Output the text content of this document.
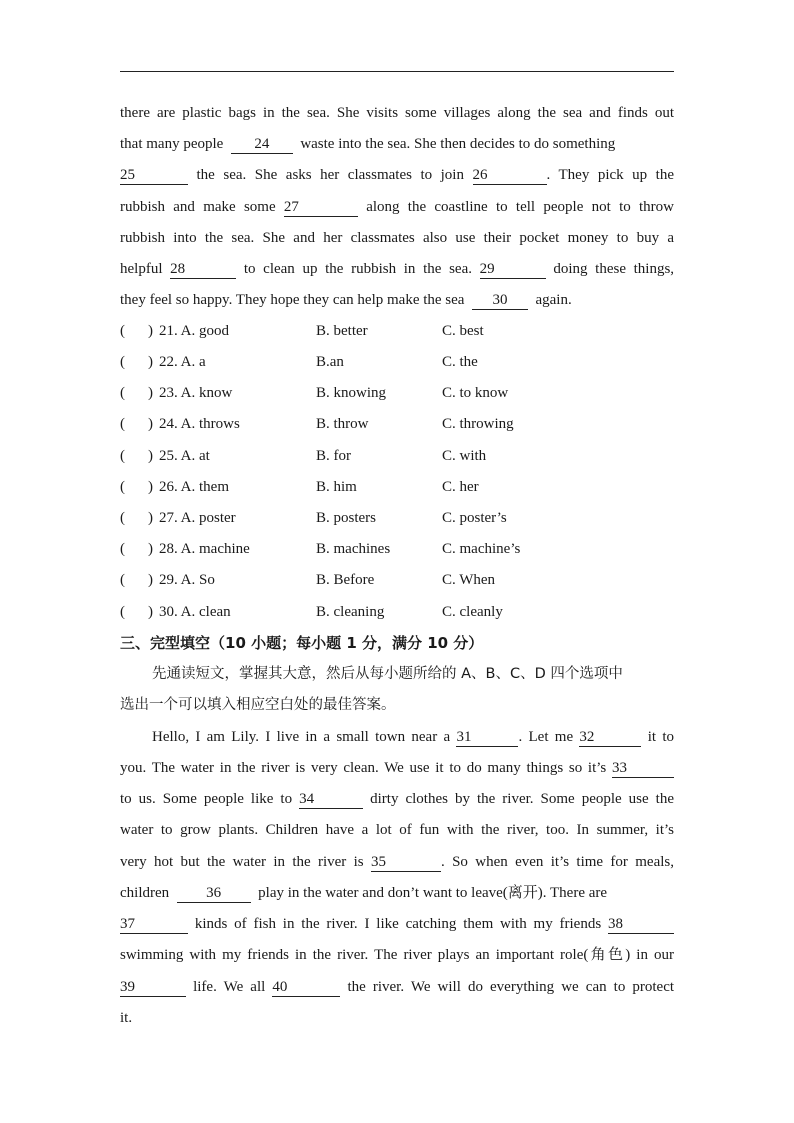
there are plastic bags in the sea. She visits some villages along the sea and finds out
that many people 24 waste into the sea. She then decides to do something
25	the sea. She asks her classmates to join 26	. They pick up the
rubbish and make some 27	along the coastline to tell people not to throw
rubbish into the sea. She and her classmates also use their pocket money to buy a
helpful 28	to clean up the rubbish in the sea. 29	doing these things,
they feel so happy. They hope they can help make the sea 30 again.
( ) 21. A. good	B. better	C. best
( ) 22. A. a	B.an	C. the
( ) 23. A. know	B. knowing	C. to know
( ) 24. A. throws	B. throw	C. throwing
( ) 25. A. at	B. for	C. with
( ) 26. A. them	B. him	C. her
( ) 27. A. poster	B. posters	C. poster’s
( ) 28. A. machine	B. machines	C. machine’s
( ) 29. A. So	B. Before	C. When
( ) 30. A. clean	B. cleaning	C. cleanly
三、完型填空（10 小题；每小题 1 分，满分 10 分）
先通读短文，掌握其大意，然后从每小题所给的 A、B、C、D 四个选项中
选出一个可以填入相应空白处的最佳答案。
Hello, I am Lily. I live in a small town near a 31	. Let me 32	it to
you. The water in the river is very clean. We use it to do many things so it’s 33
to us. Some people like to 34	dirty clothes by the river. Some people use the
water to grow plants. Children have a lot of fun with the river, too. In summer, it’s
very hot but the water in the river is 35	. So when even it’s time for meals,
children 36 play in the water and don’t want to leave(离开). There are
37	kinds of fish in the river. I like catching them with my friends 38
swimming with my friends in the river. The river plays an important role(角色) in our
39	life. We all 40	the river. We will do everything we can to protect
it.
